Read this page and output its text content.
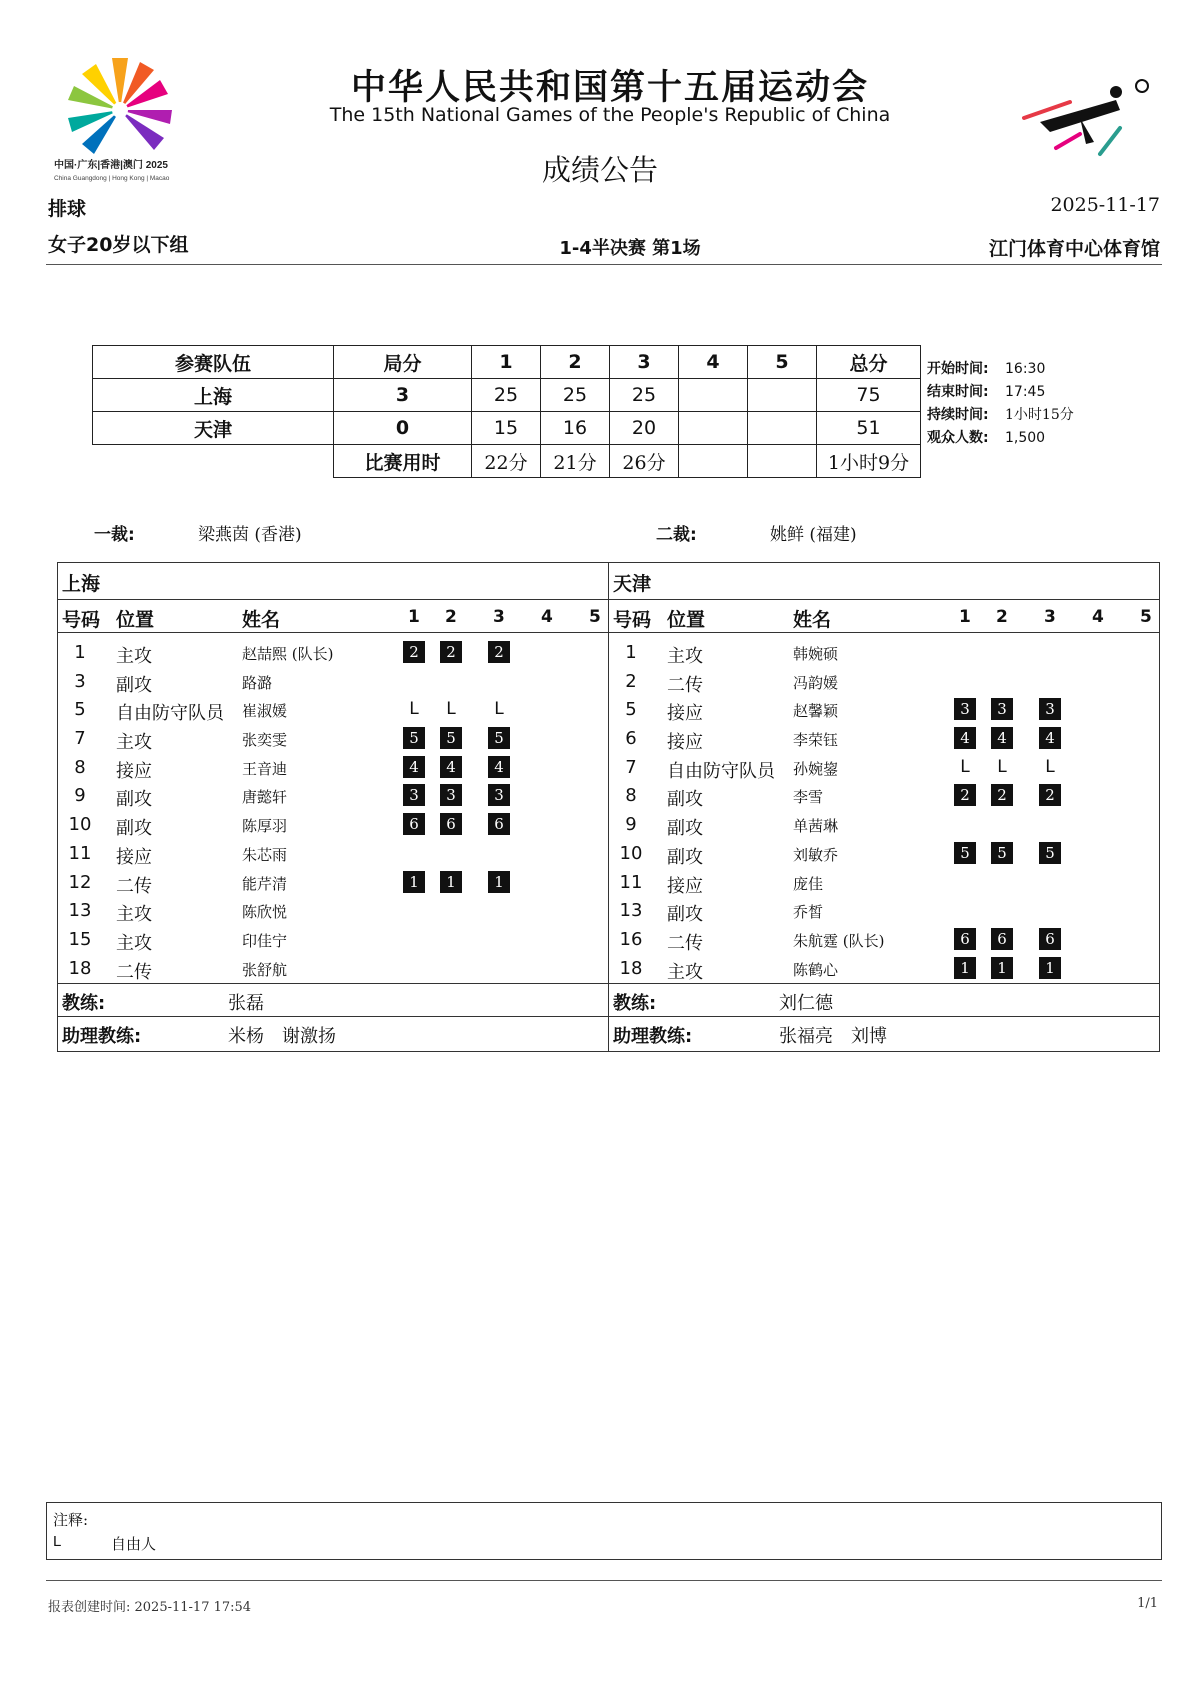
中国·广东|香港|澳门 2025
China Guangdong | Hong Kong | Macao
中华人民共和国第十五届运动会
The 15th National Games of the People's Republic of China
成绩公告
排球	2025-11-17
女子20岁以下组	1-4半决赛 第1场	江门体育中心体育馆
参赛队伍	局分	1	2	3	4	5	总分
上海	3	25	25	25			75
天津	0	15	16	20			51
	比赛用时	22分	21分	26分			1小时9分
开始时间: 16:30
结束时间: 17:45
持续时间: 1小时15分
观众人数: 1,500
一裁:	梁燕茵 (香港)	二裁:	姚鲜 (福建)
上海
号码 位置	姓名	1 2 3 4 5
1	主攻	赵喆熙 (队长)	2	2	2
3	副攻	路潞
5	自由防守队员 崔淑媛	L	L	L
7	主攻	张奕雯	5	5	5
8	接应	王音迪	4	4	4
9	副攻	唐懿轩	3	3	3
10	副攻	陈厚羽	6	6	6
11	接应	朱芯雨
12	二传	能芹清	1	1	1
13	主攻	陈欣悦
15	主攻	印佳宁
18	二传	张舒航
教练:	张磊
助理教练:	米杨　谢激扬
天津
号码 位置	姓名	1 2 3 4 5
1	主攻	韩婉硕
2	二传	冯韵媛
5	接应	赵馨颖	3	3	3
6	接应	李荣钰	4	4	4
7	自由防守队员 孙婉鋆	L	L	L
8	副攻	李雪	2	2	2
9	副攻	单茜琳
10	副攻	刘敏乔	5	5	5
11	接应	庞佳
13	副攻	乔皙
16	二传	朱航霆 (队长)	6	6	6
18	主攻	陈鹤心	1	1	1
教练:	刘仁德
助理教练:	张福亮　刘博
注释:
L	自由人
报表创建时间: 2025-11-17 17:54	1/1
